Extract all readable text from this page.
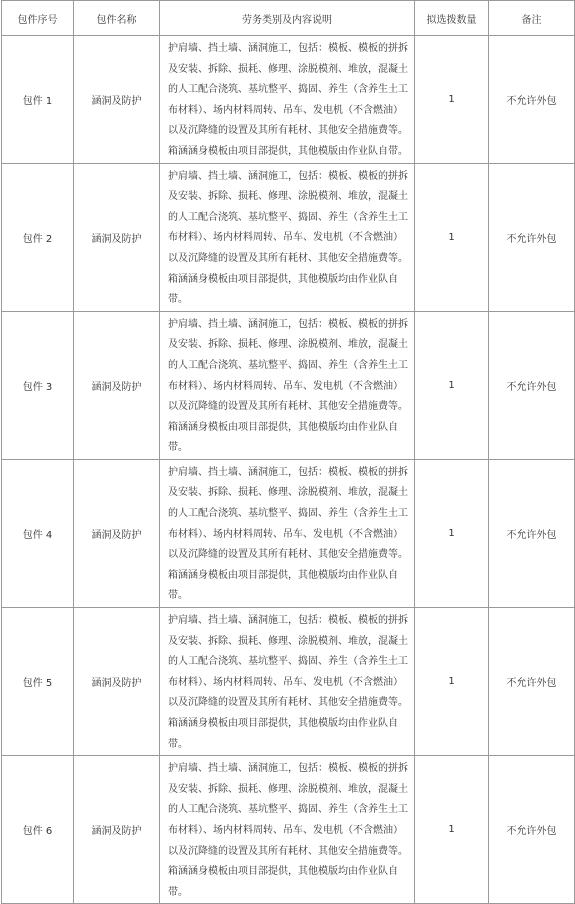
包件序号	包件名称	劳务类别及内容说明	拟选拨数量	备注
包件 1	涵洞及防护	护肩墙、挡土墙、涵洞施工，包括：模板、模板的拼拆及安装、拆除、损耗、修理、涂脱模剂、堆放，混凝土的人工配合浇筑、基坑整平、捣固、养生（含养生土工布材料）、场内材料周转、吊车、发电机（不含燃油）以及沉降缝的设置及其所有耗材、其他安全措施费等。箱涵涵身模板由项目部提供，其他模版由作业队自带。	1	不允许外包
包件 2	涵洞及防护	护肩墙、挡土墙、涵洞施工，包括：模板、模板的拼拆及安装、拆除、损耗、修理、涂脱模剂、堆放，混凝土的人工配合浇筑、基坑整平、捣固、养生（含养生土工布材料）、场内材料周转、吊车、发电机（不含燃油）以及沉降缝的设置及其所有耗材、其他安全措施费等。箱涵涵身模板由项目部提供，其他模版均由作业队自带。	1	不允许外包
包件 3	涵洞及防护	护肩墙、挡土墙、涵洞施工，包括：模板、模板的拼拆及安装、拆除、损耗、修理、涂脱模剂、堆放，混凝土的人工配合浇筑、基坑整平、捣固、养生（含养生土工布材料）、场内材料周转、吊车、发电机（不含燃油）以及沉降缝的设置及其所有耗材、其他安全措施费等。箱涵涵身模板由项目部提供，其他模版均由作业队自带。	1	不允许外包
包件 4	涵洞及防护	护肩墙、挡土墙、涵洞施工，包括：模板、模板的拼拆及安装、拆除、损耗、修理、涂脱模剂、堆放，混凝土的人工配合浇筑、基坑整平、捣固、养生（含养生土工布材料）、场内材料周转、吊车、发电机（不含燃油）以及沉降缝的设置及其所有耗材、其他安全措施费等。箱涵涵身模板由项目部提供，其他模版均由作业队自带。	1	不允许外包
包件 5	涵洞及防护	护肩墙、挡土墙、涵洞施工，包括：模板、模板的拼拆及安装、拆除、损耗、修理、涂脱模剂、堆放，混凝土的人工配合浇筑、基坑整平、捣固、养生（含养生土工布材料）、场内材料周转、吊车、发电机（不含燃油）以及沉降缝的设置及其所有耗材、其他安全措施费等。箱涵涵身模板由项目部提供，其他模版均由作业队自带。	1	不允许外包
包件 6	涵洞及防护	护肩墙、挡土墙、涵洞施工，包括：模板、模板的拼拆及安装、拆除、损耗、修理、涂脱模剂、堆放，混凝土的人工配合浇筑、基坑整平、捣固、养生（含养生土工布材料）、场内材料周转、吊车、发电机（不含燃油）以及沉降缝的设置及其所有耗材、其他安全措施费等。箱涵涵身模板由项目部提供，其他模版均由作业队自带。	1	不允许外包
